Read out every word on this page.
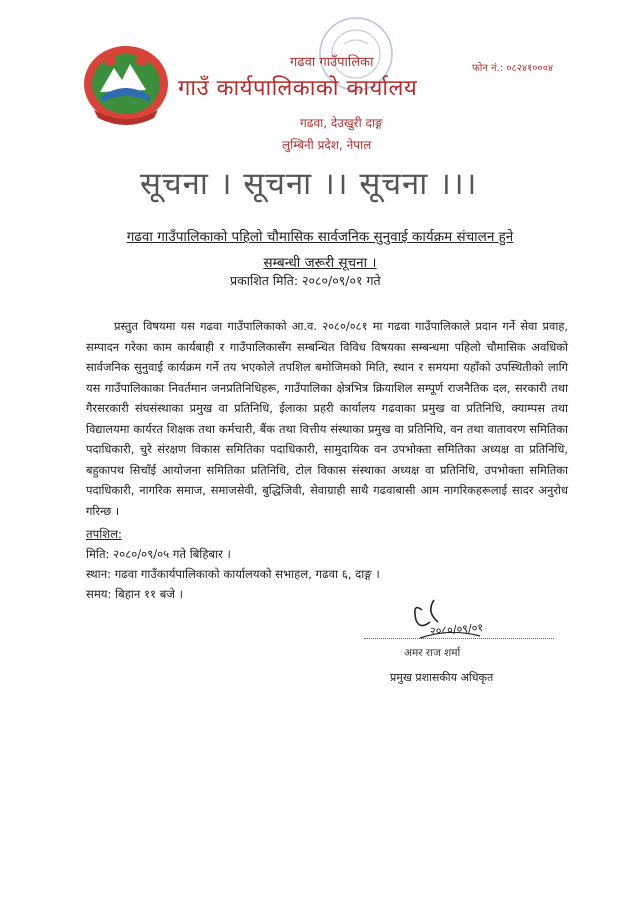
फोन नं.: ०८२४१०००४
गढवा गाउँपालिका
गाउँ कार्यपालिकाको कार्यालय
गढवा, देउखुरी दाङ्ग
लुम्बिनी प्रदेश, नेपाल
सूचना । सूचना ।। सूचना ।।।
गढवा गाउँपालिकाको पहिलो चौमासिक सार्वजनिक सुनुवाई कार्यक्रम संचालन हुने
सम्बन्धी जरूरी सूचना ।
प्रकाशित मिति: २०८०/०९/०१ गते

प्रस्तुत विषयमा यस गढवा गाउँपालिकाको आ.व. २०८०/०८१ मा गढवा गाउँपालिकाले प्रदान गर्ने सेवा प्रवाह, सम्पादन गरेका काम कार्यबाही र गाउँपालिकासँग सम्बन्धित विविध विषयका सम्बन्धमा पहिलो चौमासिक अवधिको सार्वजनिक सुनुवाई कार्यक्रम गर्ने तय भएकोले तपशिल बमोजिमको मिति, स्थान र समयमा यहाँको उपस्थितीको लागि यस गाउँपालिकाका निवर्तमान जनप्रतिनिधिहरू, गाउँपालिका क्षेत्रभित्र क्रियाशिल सम्पूर्ण राजनैतिक दल, सरकारी तथा गैरसरकारी संघसंस्थाका प्रमुख वा प्रतिनिधि, ईलाका प्रहरी कार्यालय गढवाका प्रमुख वा प्रतिनिधि, क्याम्पस तथा विद्यालयमा कार्यरत शिक्षक तथा कर्मचारी, बैंक तथा वित्तीय संस्थाका प्रमुख वा प्रतिनिधि, वन तथा वातावरण समितिका पदाधिकारी, चुरे संरक्षण विकास समितिका पदाधिकारी, सामुदायिक वन उपभोक्ता समितिका अध्यक्ष वा प्रतिनिधि, बहुकापथ सिचाँई आयोजना समितिका प्रतिनिधि, टोल विकास संस्थाका अध्यक्ष वा प्रतिनिधि, उपभोक्ता समितिका पदाधिकारी, नागरिक समाज, समाजसेवी, बुद्धिजिवी, सेवाग्राही साथै गढवाबासी आम नागरिकहरूलाई सादर अनुरोध गरिन्छ ।

तपशिल:
मिति: २०८०/०९/०५ गते बिहिबार ।
स्थान: गढवा गाउँकार्यपालिकाको कार्यालयको सभाहल, गढवा ६, दाङ्ग ।
समय: बिहान ११ बजे ।
२०८०/०९/०१
अमर राज शर्मा
प्रमुख प्रशासकीय अधिकृत
